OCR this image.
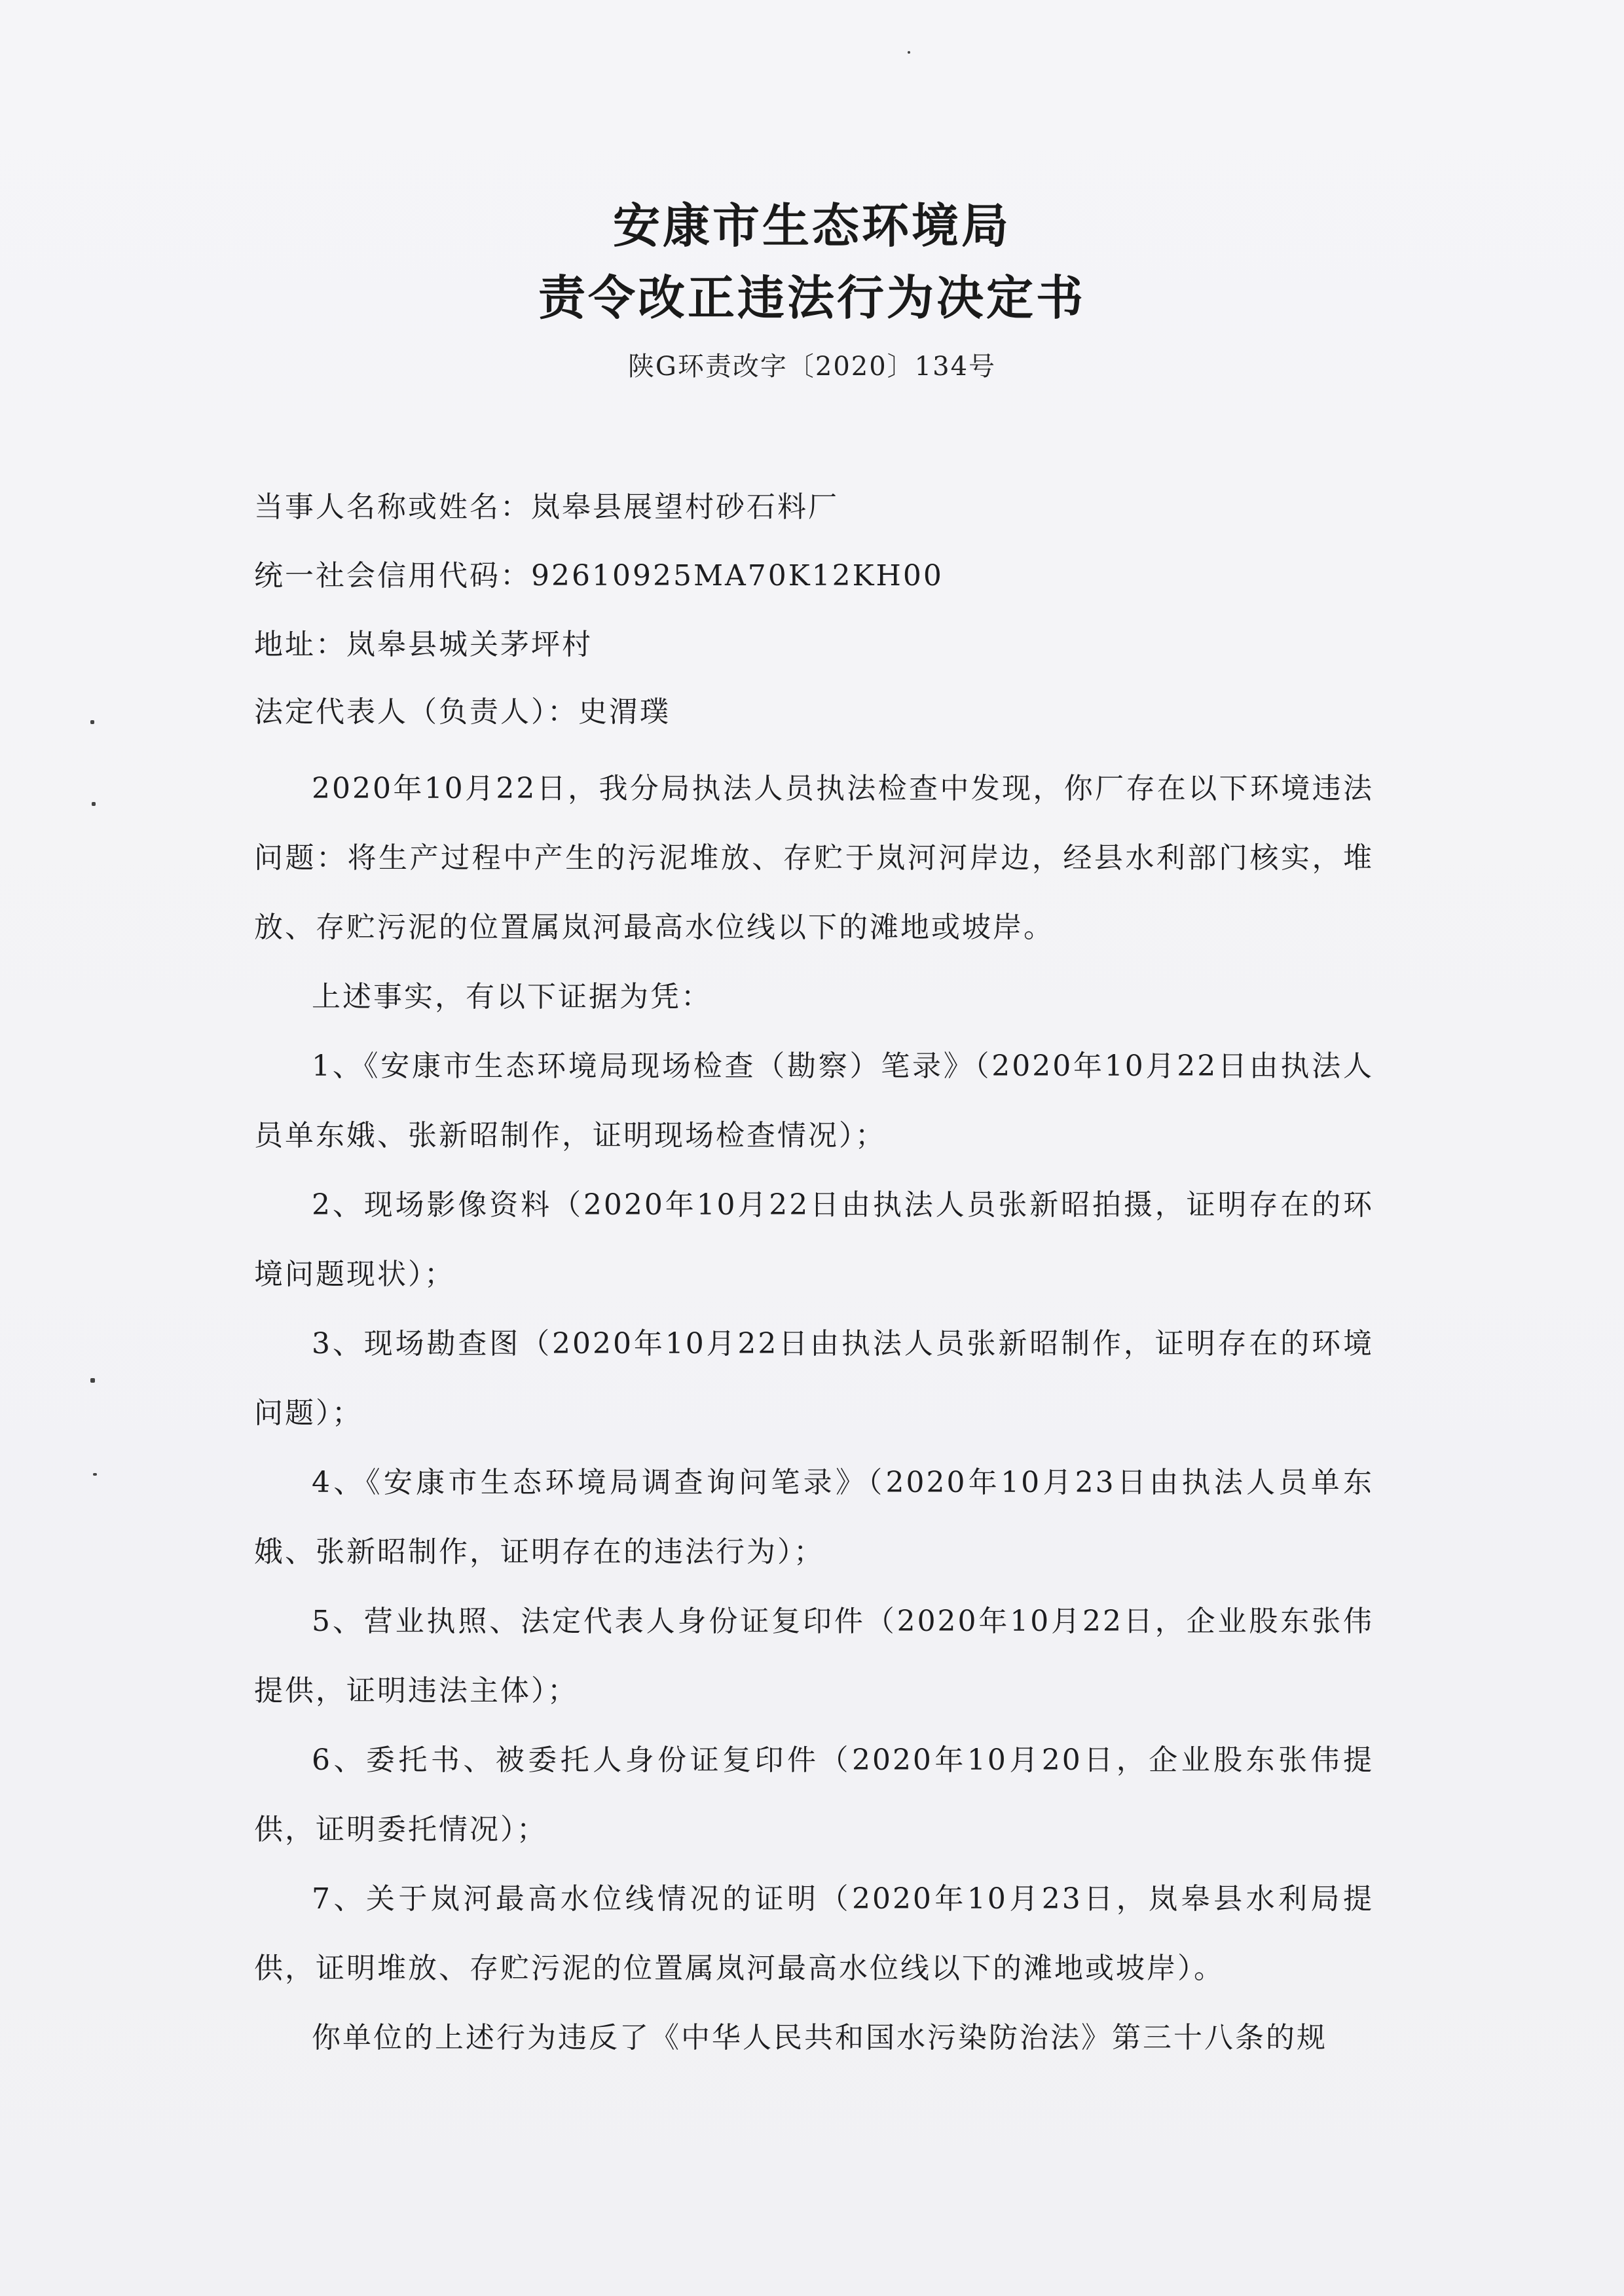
安康市生态环境局
责令改正违法行为决定书
陕G环责改字〔2020〕134号
当事人名称或姓名：岚皋县展望村砂石料厂
统一社会信用代码：92610925MA70K12KH00
地址：岚皋县城关茅坪村
法定代表人（负责人）：史渭璞

2020年10月22日，我分局执法人员执法检查中发现，你厂存在以下环境违法问题：将生产过程中产生的污泥堆放、存贮于岚河河岸边，经县水利部门核实，堆放、存贮污泥的位置属岚河最高水位线以下的滩地或坡岸。

上述事实，有以下证据为凭：

1、《安康市生态环境局现场检查（勘察）笔录》（2020年10月22日由执法人员单东娥、张新昭制作，证明现场检查情况）；

2、现场影像资料（2020年10月22日由执法人员张新昭拍摄，证明存在的环境问题现状）；

3、现场勘查图（2020年10月22日由执法人员张新昭制作，证明存在的环境问题）；

4、《安康市生态环境局调查询问笔录》（2020年10月23日由执法人员单东娥、张新昭制作，证明存在的违法行为）；

5、营业执照、法定代表人身份证复印件（2020年10月22日，企业股东张伟提供，证明违法主体）；

6、委托书、被委托人身份证复印件（2020年10月20日，企业股东张伟提供，证明委托情况）；

7、关于岚河最高水位线情况的证明（2020年10月23日，岚皋县水利局提供，证明堆放、存贮污泥的位置属岚河最高水位线以下的滩地或坡岸）。

你单位的上述行为违反了《中华人民共和国水污染防治法》第三十八条的规
